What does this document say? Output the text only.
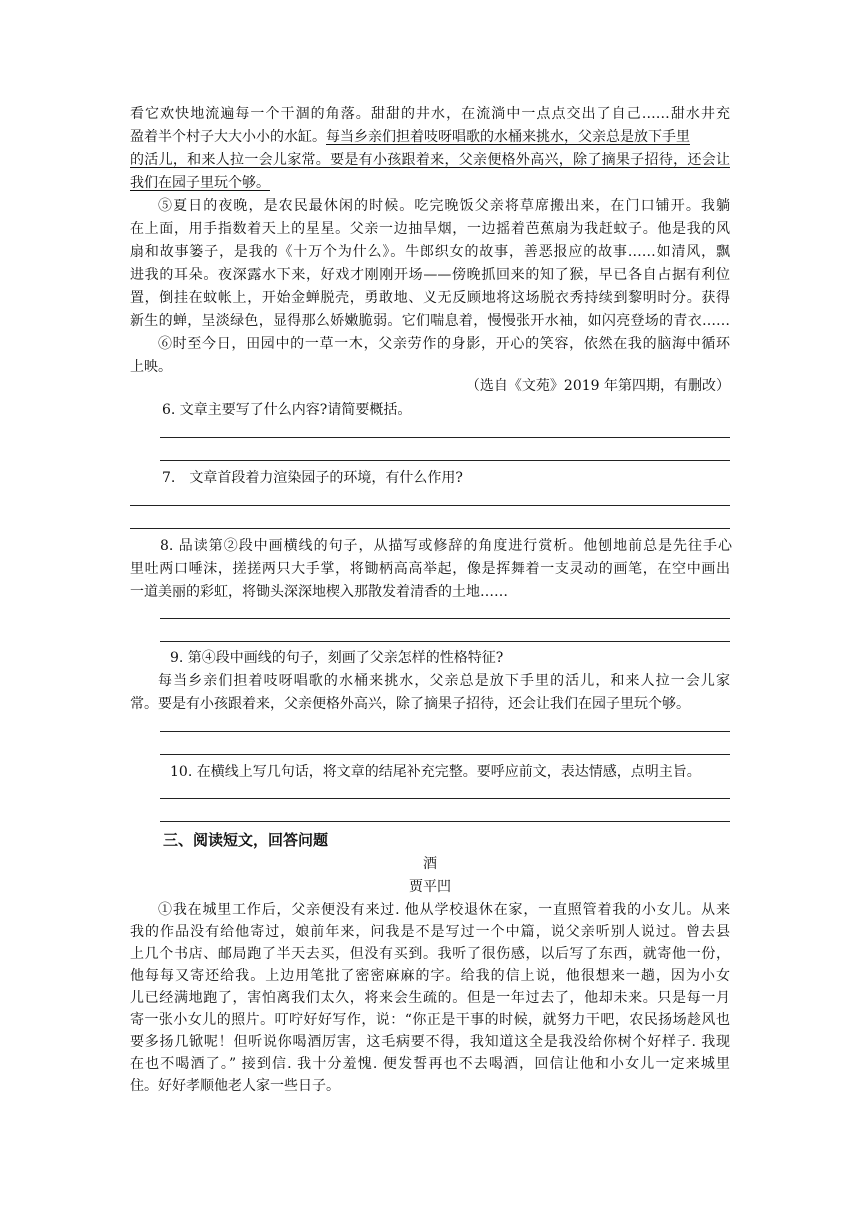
看它欢快地流遍每一个干涸的角落。甜甜的井水，在流淌中一点点交出了自己……甜水井充
盈着半个村子大大小小的水缸。每当乡亲们担着吱呀唱歌的水桶来挑水，父亲总是放下手里
的活儿，和来人拉一会儿家常。要是有小孩跟着来，父亲便格外高兴，除了摘果子招待，还会让
我们在园子里玩个够。
⑤夏日的夜晚，是农民最休闲的时候。吃完晚饭父亲将草席搬出来，在门口铺开。我躺
在上面，用手指数着天上的星星。父亲一边抽旱烟，一边摇着芭蕉扇为我赶蚊子。他是我的风
扇和故事篓子，是我的《十万个为什么》。牛郎织女的故事，善恶报应的故事……如清风，飘
进我的耳朵。夜深露水下来，好戏才刚刚开场——傍晚抓回来的知了猴，早已各自占据有利位
置，倒挂在蚊帐上，开始金蝉脱壳，勇敢地、义无反顾地将这场脱衣秀持续到黎明时分。获得
新生的蝉，呈淡绿色，显得那么娇嫩脆弱。它们喘息着，慢慢张开水袖，如闪亮登场的青衣……
⑥时至今日，田园中的一草一木，父亲劳作的身影，开心的笑容，依然在我的脑海中循环
上映。
（选自《文苑》2019 年第四期，有删改）
6. 文章主要写了什么内容?请简要概括。
7.　文章首段着力渲染园子的环境，有什么作用?
8. 品读第②段中画横线的句子，从描写或修辞的角度进行赏析。他刨地前总是先往手心
里吐两口唾沫，搓搓两只大手掌，将锄柄高高举起，像是挥舞着一支灵动的画笔，在空中画出
一道美丽的彩虹，将锄头深深地楔入那散发着清香的土地……
9. 第④段中画线的句子，刻画了父亲怎样的性格特征?
每当乡亲们担着吱呀唱歌的水桶来挑水，父亲总是放下手里的活儿，和来人拉一会儿家
常。要是有小孩跟着来，父亲便格外高兴，除了摘果子招待，还会让我们在园子里玩个够。
10. 在横线上写几句话，将文章的结尾补充完整。要呼应前文，表达情感，点明主旨。
三、阅读短文，回答问题
酒
贾平凹
①我在城里工作后，父亲便没有来过. 他从学校退休在家，一直照管着我的小女儿。从来
我的作品没有给他寄过，娘前年来，问我是不是写过一个中篇，说父亲听别人说过。曾去县
上几个书店、邮局跑了半天去买，但没有买到。我听了很伤感，以后写了东西，就寄他一份，
他每每又寄还给我。上边用笔批了密密麻麻的字。给我的信上说，他很想来一趟，因为小女
儿已经满地跑了，害怕离我们太久，将来会生疏的。但是一年过去了，他却未来。只是每一月
寄一张小女儿的照片。叮咛好好写作，说：“你正是干事的时候，就努力干吧，农民扬场趁风也
要多扬几锨呢！但听说你喝酒厉害，这毛病要不得，我知道这全是我没给你树个好样子. 我现
在也不喝酒了。” 接到信. 我十分羞愧. 便发誓再也不去喝酒，回信让他和小女儿一定来城里
住。好好孝顺他老人家一些日子。
